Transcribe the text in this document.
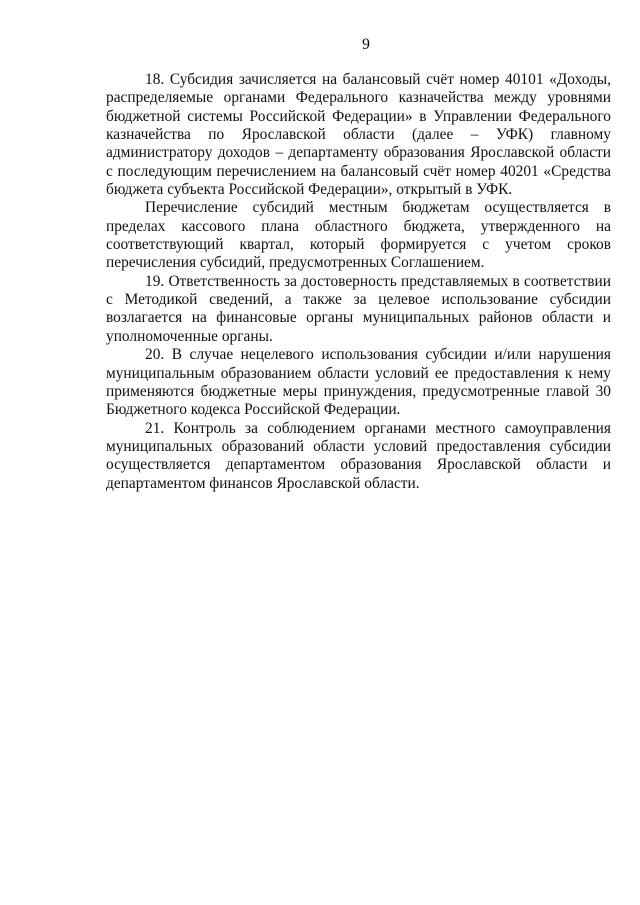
9

18. Субсидия зачисляется на балансовый счёт номер 40101 «Доходы, распределяемые органами Федерального казначейства между уровнями бюджетной системы Российской Федерации» в Управлении Федерального казначейства по Ярославской области (далее – УФК) главному администратору доходов – департаменту образования Ярославской области с последующим перечислением на балансовый счёт номер 40201 «Средства бюджета субъекта Российской Федерации», открытый в УФК.

Перечисление субсидий местным бюджетам осуществляется в пределах кассового плана областного бюджета, утвержденного на соответствующий квартал, который формируется с учетом сроков перечисления субсидий, предусмотренных Соглашением.

19. Ответственность за достоверность представляемых в соответствии с Методикой сведений, а также за целевое использование субсидии возлагается на финансовые органы муниципальных районов области и уполномоченные органы.

20. В случае нецелевого использования субсидии и/или нарушения муниципальным образованием области условий ее предоставления к нему применяются бюджетные меры принуждения, предусмотренные главой 30 Бюджетного кодекса Российской Федерации.

21. Контроль за соблюдением органами местного самоуправления муниципальных образований области условий предоставления субсидии осуществляется департаментом образования Ярославской области и департаментом финансов Ярославской области.
